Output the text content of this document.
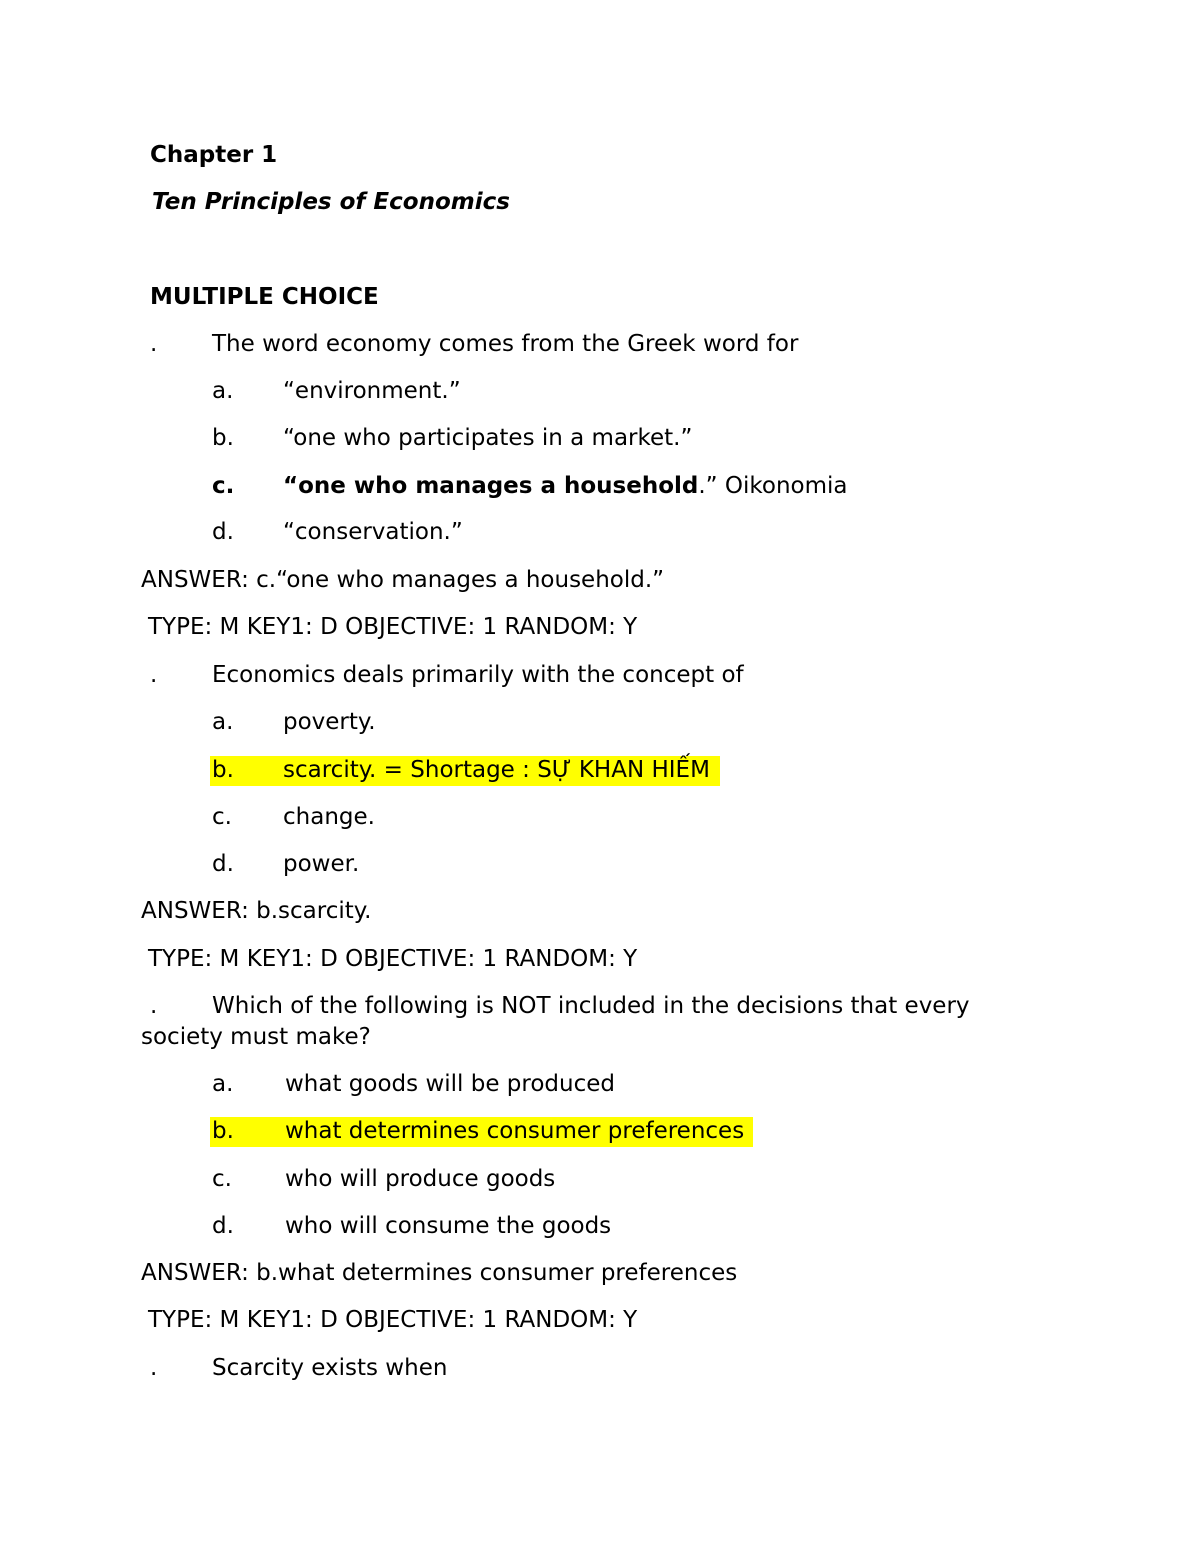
Chapter 1
Ten Principles of Economics
MULTIPLE CHOICE
. The word economy comes from the Greek word for
a. “environment.”
b. “one who participates in a market.”
c. “one who manages a household.” Oikonomia
d. “conservation.”
ANSWER: c.“one who manages a household.”
TYPE: M KEY1: D OBJECTIVE: 1 RANDOM: Y
. Economics deals primarily with the concept of
a. poverty.
b. scarcity. = Shortage : SỰ KHAN HIẾM
c. change.
d. power.
ANSWER: b.scarcity.
TYPE: M KEY1: D OBJECTIVE: 1 RANDOM: Y
. Which of the following is NOT included in the decisions that every
society must make?
a. what goods will be produced
b. what determines consumer preferences
c. who will produce goods
d. who will consume the goods
ANSWER: b.what determines consumer preferences
TYPE: M KEY1: D OBJECTIVE: 1 RANDOM: Y
. Scarcity exists when
